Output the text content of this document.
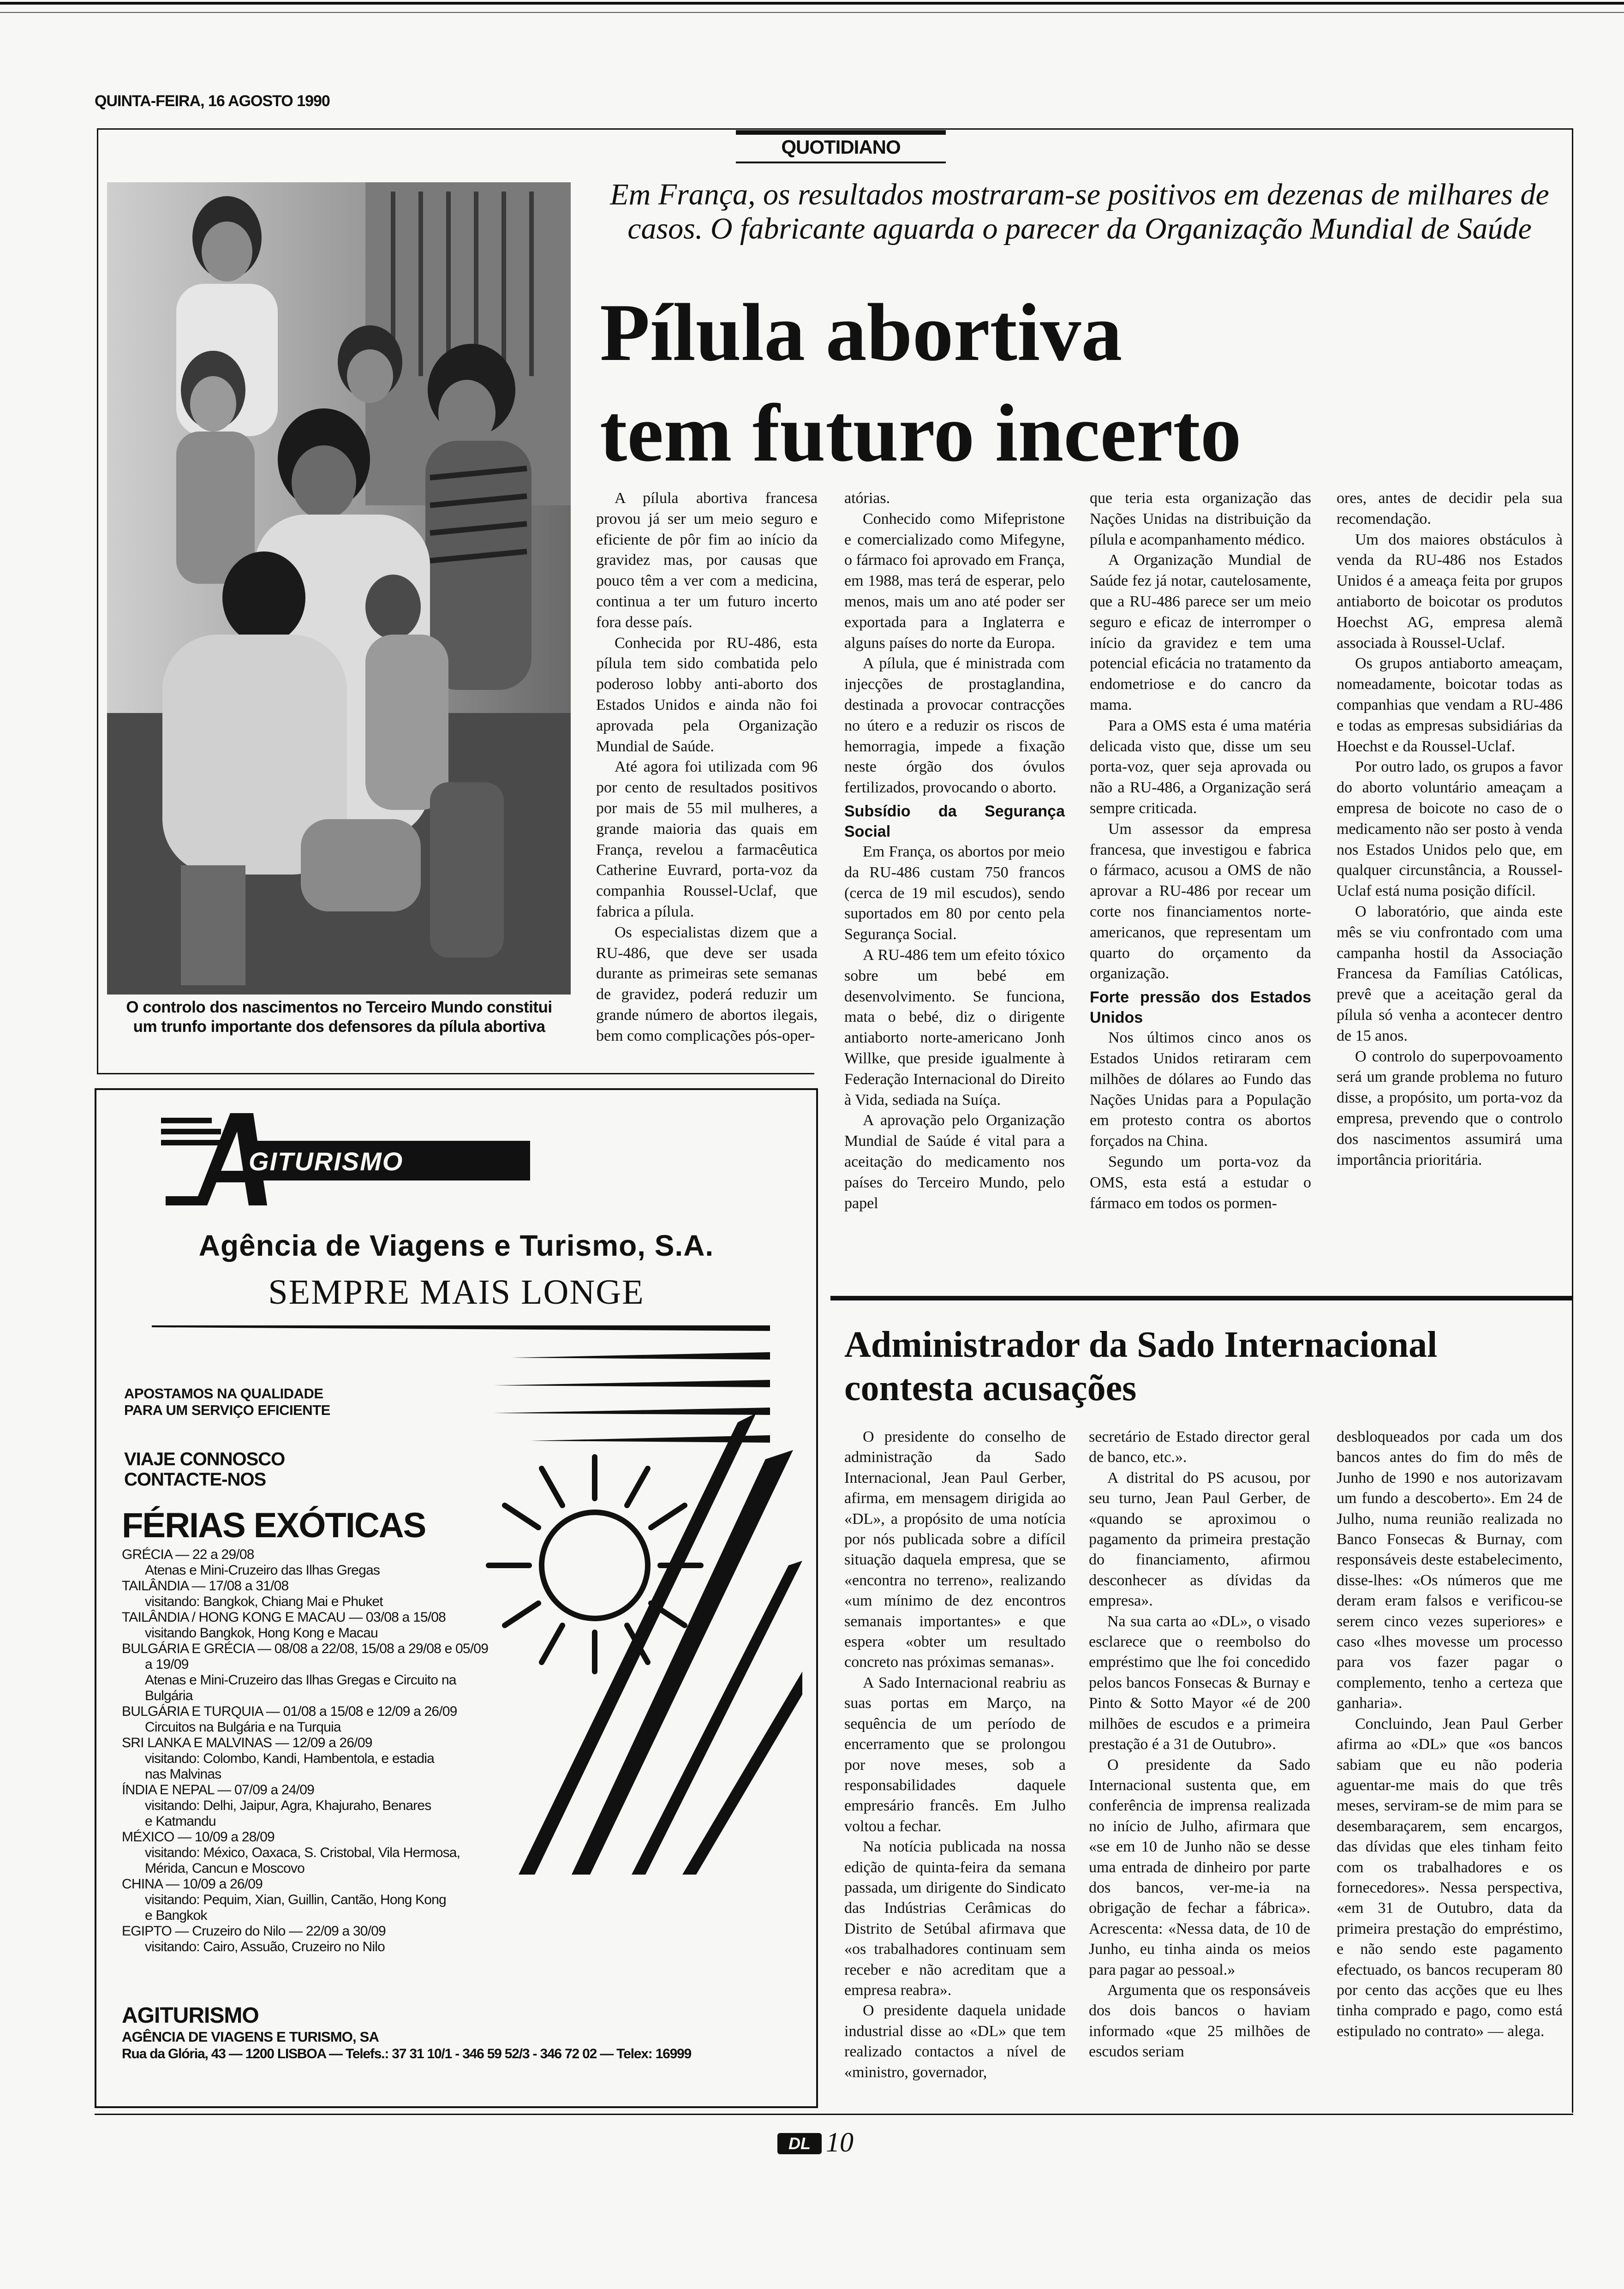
QUINTA-FEIRA, 16 AGOSTO 1990
QUOTIDIANO
O controlo dos nascimentos no Terceiro Mundo constitui um trunfo importante dos defensores da pílula abortiva
Em França, os resultados mostraram-se positivos em dezenas de milhares de casos. O fabricante aguarda o parecer da Organização Mundial de Saúde
Pílula abortiva
tem futuro incerto

A pílula abortiva francesa provou já ser um meio seguro e eficiente de pôr fim ao início da gravidez mas, por causas que pouco têm a ver com a medicina, continua a ter um futuro incerto fora desse país.

Conhecida por RU-486, esta pílula tem sido combatida pelo poderoso lobby anti-aborto dos Estados Unidos e ainda não foi aprovada pela Organização Mundial de Saúde.

Até agora foi utilizada com 96 por cento de resultados positivos por mais de 55 mil mulheres, a grande maioria das quais em França, revelou a farmacêutica Catherine Euvrard, porta-voz da companhia Roussel-Uclaf, que fabrica a pílula.

Os especialistas dizem que a RU-486, que deve ser usada durante as primeiras sete semanas de gravidez, poderá reduzir um grande número de abortos ilegais, bem como complicações pós-oper-

atórias.

Conhecido como Mifepristone e comercializado como Mifegyne, o fármaco foi aprovado em França, em 1988, mas terá de esperar, pelo menos, mais um ano até poder ser exportada para a Inglaterra e alguns países do norte da Europa.

A pílula, que é ministrada com injecções de prostaglandina, destinada a provocar contracções no útero e a reduzir os riscos de hemorragia, impede a fixação neste órgão dos óvulos fertilizados, provocando o aborto.

Subsídio da Segurança Social

Em França, os abortos por meio da RU-486 custam 750 francos (cerca de 19 mil escudos), sendo suportados em 80 por cento pela Segurança Social.

A RU-486 tem um efeito tóxico sobre um bebé em desenvolvimento. Se funciona, mata o bebé, diz o dirigente antiaborto norte-americano Jonh Willke, que preside igualmente à Federação Internacional do Direito à Vida, sediada na Suíça.

A aprovação pelo Organização Mundial de Saúde é vital para a aceitação do medicamento nos países do Terceiro Mundo, pelo papel

que teria esta organização das Nações Unidas na distribuição da pílula e acompanhamento médico.

A Organização Mundial de Saúde fez já notar, cautelosamente, que a RU-486 parece ser um meio seguro e eficaz de interromper o início da gravidez e tem uma potencial eficácia no tratamento da endometriose e do cancro da mama.

Para a OMS esta é uma matéria delicada visto que, disse um seu porta-voz, quer seja aprovada ou não a RU-486, a Organização será sempre criticada.

Um assessor da empresa francesa, que investigou e fabrica o fármaco, acusou a OMS de não aprovar a RU-486 por recear um corte nos financiamentos norte-americanos, que representam um quarto do orçamento da organização.

Forte pressão dos Estados Unidos

Nos últimos cinco anos os Estados Unidos retiraram cem milhões de dólares ao Fundo das Nações Unidas para a População em protesto contra os abortos forçados na China.

Segundo um porta-voz da OMS, esta está a estudar o fármaco em todos os pormen-

ores, antes de decidir pela sua recomendação.

Um dos maiores obstáculos à venda da RU-486 nos Estados Unidos é a ameaça feita por grupos antiaborto de boicotar os produtos Hoechst AG, empresa alemã associada à Roussel-Uclaf.

Os grupos antiaborto ameaçam, nomeadamente, boicotar todas as companhias que vendam a RU-486 e todas as empresas subsidiárias da Hoechst e da Roussel-Uclaf.

Por outro lado, os grupos a favor do aborto voluntário ameaçam a empresa de boicote no caso de o medicamento não ser posto à venda nos Estados Unidos pelo que, em qualquer circunstância, a Roussel-Uclaf está numa posição difícil.

O laboratório, que ainda este mês se viu confrontado com uma campanha hostil da Associação Francesa da Famílias Católicas, prevê que a aceitação geral da pílula só venha a acontecer dentro de 15 anos.

O controlo do superpovoamento será um grande problema no futuro disse, a propósito, um porta-voz da empresa, prevendo que o controlo dos nascimentos assumirá uma importância prioritária.

Administrador da Sado Internacional
contesta acusações

O presidente do conselho de administração da Sado Internacional, Jean Paul Gerber, afirma, em mensagem dirigida ao «DL», a propósito de uma notícia por nós publicada sobre a difícil situação daquela empresa, que se «encontra no terreno», realizando «um mínimo de dez encontros semanais importantes» e que espera «obter um resultado concreto nas próximas semanas».

A Sado Internacional reabriu as suas portas em Março, na sequência de um período de encerramento que se prolongou por nove meses, sob a responsabilidades daquele empresário francês. Em Julho voltou a fechar.

Na notícia publicada na nossa edição de quinta-feira da semana passada, um dirigente do Sindicato das Indústrias Cerâmicas do Distrito de Setúbal afirmava que «os trabalhadores continuam sem receber e não acreditam que a empresa reabra».

O presidente daquela unidade industrial disse ao «DL» que tem realizado contactos a nível de «ministro, governador,

secretário de Estado director geral de banco, etc.».

A distrital do PS acusou, por seu turno, Jean Paul Gerber, de «quando se aproximou o pagamento da primeira prestação do financiamento, afirmou desconhecer as dívidas da empresa».

Na sua carta ao «DL», o visado esclarece que o reembolso do empréstimo que lhe foi concedido pelos bancos Fonsecas & Burnay e Pinto & Sotto Mayor «é de 200 milhões de escudos e a primeira prestação é a 31 de Outubro».

O presidente da Sado Internacional sustenta que, em conferência de imprensa realizada no início de Julho, afirmara que «se em 10 de Junho não se desse uma entrada de dinheiro por parte dos bancos, ver-me-ia na obrigação de fechar a fábrica». Acrescenta: «Nessa data, de 10 de Junho, eu tinha ainda os meios para pagar ao pessoal.»

Argumenta que os responsáveis dos dois bancos o haviam informado «que 25 milhões de escudos seriam

desbloqueados por cada um dos bancos antes do fim do mês de Junho de 1990 e nos autorizavam um fundo a descoberto». Em 24 de Julho, numa reunião realizada no Banco Fonsecas & Burnay, com responsáveis deste estabelecimento, disse-lhes: «Os números que me deram eram falsos e verificou-se serem cinco vezes superiores» e caso «lhes movesse um processo para vos fazer pagar o complemento, tenho a certeza que ganharia».

Concluindo, Jean Paul Gerber afirma ao «DL» que «os bancos sabiam que eu não poderia aguentar-me mais do que três meses, serviram-se de mim para se desembaraçarem, sem encargos, das dívidas que eles tinham feito com os trabalhadores e os fornecedores». Nessa perspectiva, «em 31 de Outubro, data da primeira prestação do empréstimo, e não sendo este pagamento efectuado, os bancos recuperam 80 por cento das acções que eu lhes tinha comprado e pago, como está estipulado no contrato» — alega.

GITURISMO
Agência de Viagens e Turismo, S.A.
SEMPRE MAIS LONGE
APOSTAMOS NA QUALIDADE
PARA UM SERVIÇO EFICIENTE
VIAJE CONNOSCO
CONTACTE-NOS
FÉRIAS EXÓTICAS
GRÉCIA — 22 a 29/08
Atenas e Mini-Cruzeiro das Ilhas Gregas
TAILÂNDIA — 17/08 a 31/08
visitando: Bangkok, Chiang Mai e Phuket
TAILÂNDIA / HONG KONG E MACAU — 03/08 a 15/08
visitando Bangkok, Hong Kong e Macau
BULGÁRIA E GRÉCIA — 08/08 a 22/08, 15/08 a 29/08 e 05/09
a 19/09
Atenas e Mini-Cruzeiro das Ilhas Gregas e Circuito na
Bulgária
BULGÁRIA E TURQUIA — 01/08 a 15/08 e 12/09 a 26/09
Circuitos na Bulgária e na Turquia
SRI LANKA E MALVINAS — 12/09 a 26/09
visitando: Colombo, Kandi, Hambentola, e estadia
nas Malvinas
ÍNDIA E NEPAL — 07/09 a 24/09
visitando: Delhi, Jaipur, Agra, Khajuraho, Benares
e Katmandu
MÉXICO — 10/09 a 28/09
visitando: México, Oaxaca, S. Cristobal, Vila Hermosa,
Mérida, Cancun e Moscovo
CHINA — 10/09 a 26/09
visitando: Pequim, Xian, Guillin, Cantão, Hong Kong
e Bangkok
EGIPTO — Cruzeiro do Nilo — 22/09 a 30/09
visitando: Cairo, Assuão, Cruzeiro no Nilo
AGITURISMO
AGÊNCIA DE VIAGENS E TURISMO, SA
Rua da Glória, 43 — 1200 LISBOA — Telefs.: 37 31 10/1 - 346 59 52/3 - 346 72 02 — Telex: 16999
DL 10
